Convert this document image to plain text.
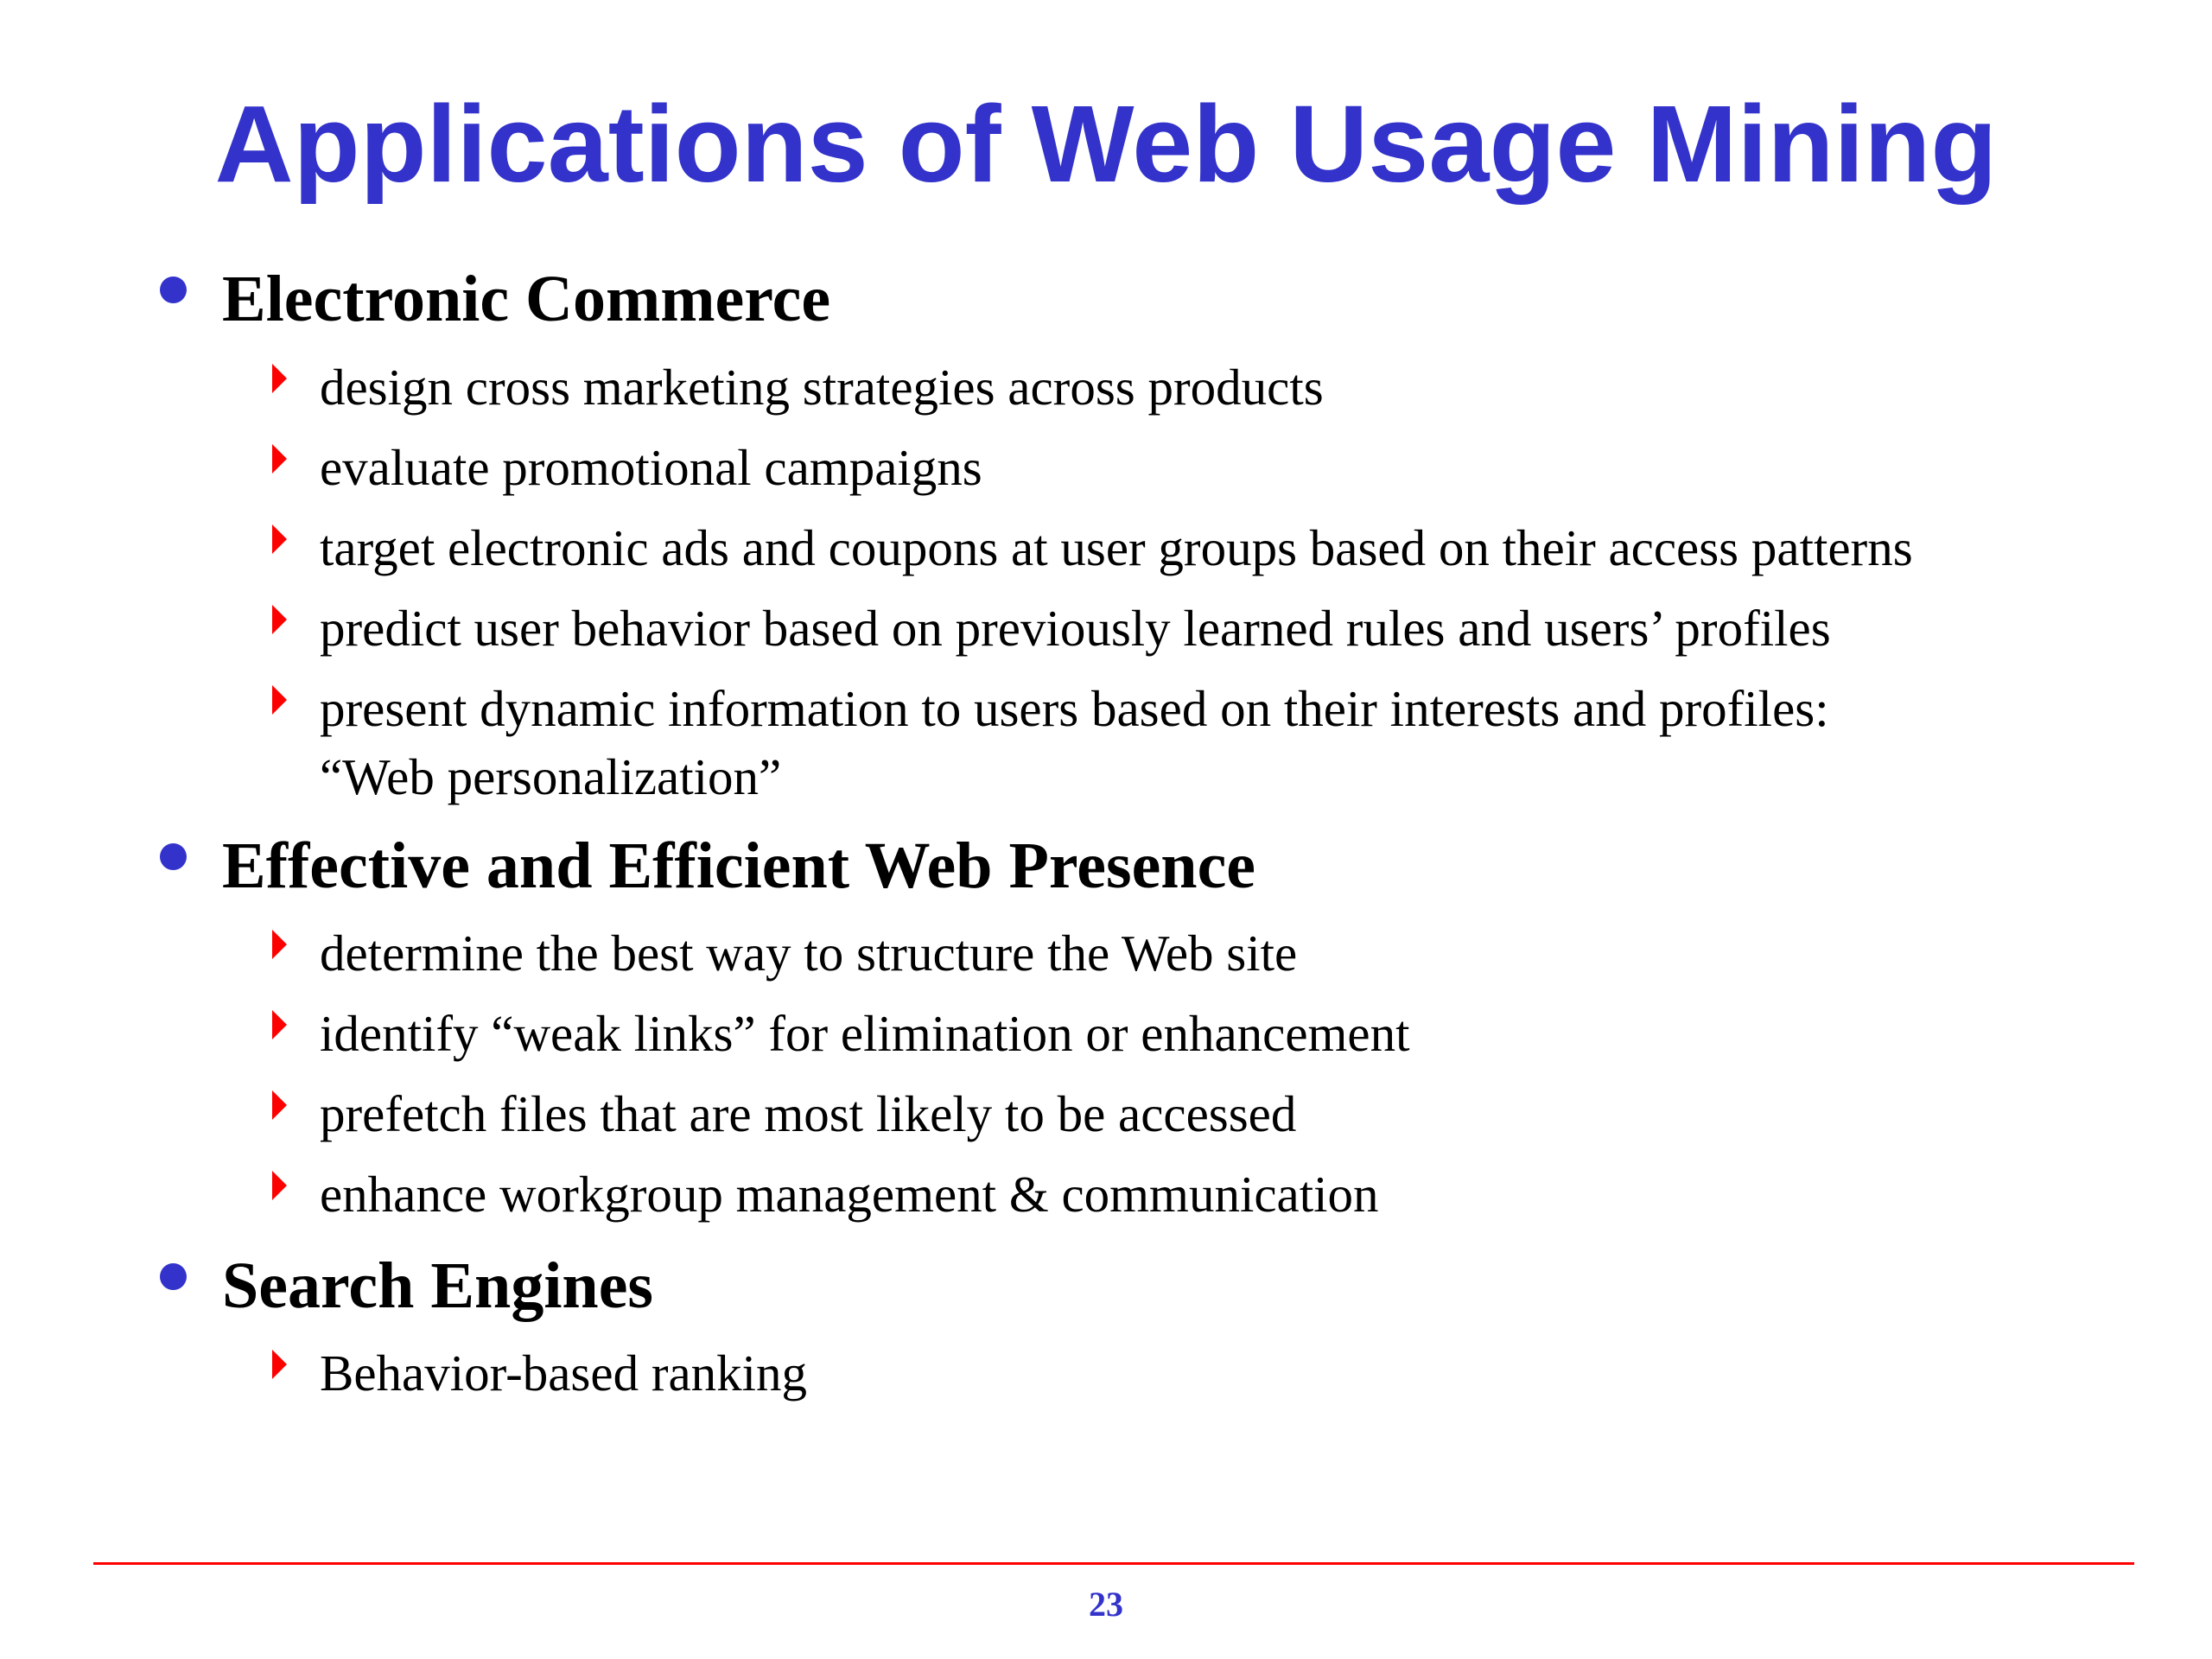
Applications of Web Usage Mining
Electronic Commerce
design cross marketing strategies across products
evaluate promotional campaigns
target electronic ads and coupons at user groups based on their access patterns
predict user behavior based on previously learned rules and users’ profiles
present dynamic information to users based on their interests and profiles:
“Web personalization”
Effective and Efficient Web Presence
determine the best way to structure the Web site
identify “weak links” for elimination or enhancement
prefetch files that are most likely to be accessed
enhance workgroup management & communication
Search Engines
Behavior-based ranking
23
